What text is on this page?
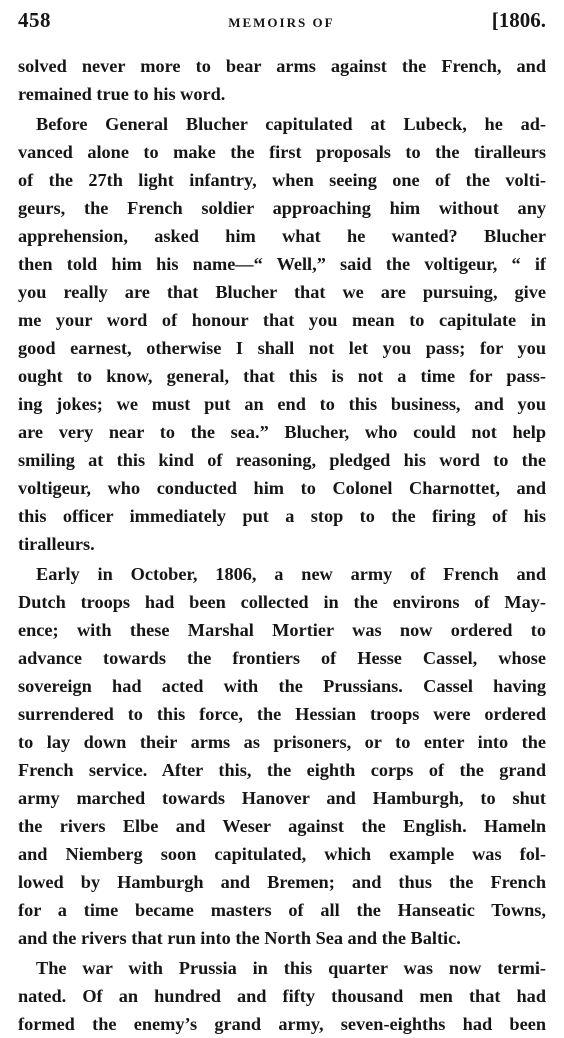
458	MEMOIRS OF	[1806.

solved never more to bear arms against the French, and
remained true to his word.

Before General Blucher capitulated at Lubeck, he ad-
vanced alone to make the first proposals to the tiralleurs
of the 27th light infantry, when seeing one of the volti-
geurs, the French soldier approaching him without any
apprehension, asked him what he wanted? Blucher
then told him his name—“ Well,” said the voltigeur, “ if
you really are that Blucher that we are pursuing, give
me your word of honour that you mean to capitulate in
good earnest, otherwise I shall not let you pass; for you
ought to know, general, that this is not a time for pass-
ing jokes; we must put an end to this business, and you
are very near to the sea.” Blucher, who could not help
smiling at this kind of reasoning, pledged his word to the
voltigeur, who conducted him to Colonel Charnottet, and
this officer immediately put a stop to the firing of his
tiralleurs.

Early in October, 1806, a new army of French and
Dutch troops had been collected in the environs of May-
ence; with these Marshal Mortier was now ordered to
advance towards the frontiers of Hesse Cassel, whose
sovereign had acted with the Prussians. Cassel having
surrendered to this force, the Hessian troops were ordered
to lay down their arms as prisoners, or to enter into the
French service. After this, the eighth corps of the grand
army marched towards Hanover and Hamburgh, to shut
the rivers Elbe and Weser against the English. Hameln
and Niemberg soon capitulated, which example was fol-
lowed by Hamburgh and Bremen; and thus the French
for a time became masters of all the Hanseatic Towns,
and the rivers that run into the North Sea and the Baltic.

The war with Prussia in this quarter was now termi-
nated. Of an hundred and fifty thousand men that had
formed the enemy’s grand army, seven-eighths had been
